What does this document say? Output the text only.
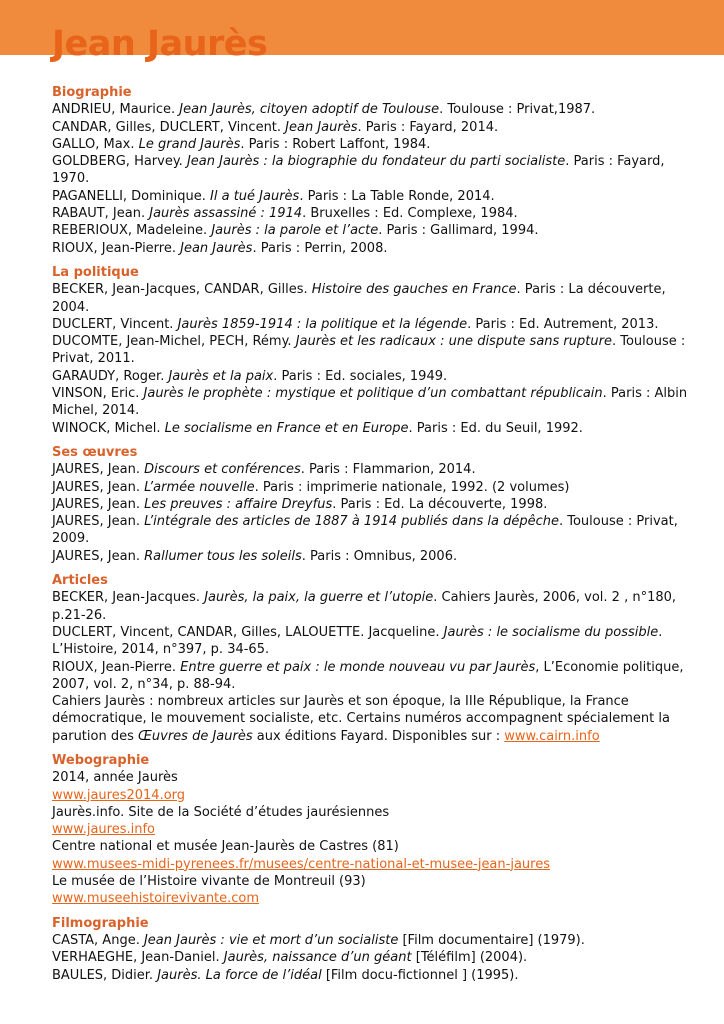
Jean Jaurès
Biographie

ANDRIEU, Maurice. Jean Jaurès, citoyen adoptif de Toulouse. Toulouse : Privat,1987.

CANDAR, Gilles, DUCLERT, Vincent. Jean Jaurès. Paris : Fayard, 2014.

GALLO, Max. Le grand Jaurès. Paris : Robert Laffont, 1984.

GOLDBERG, Harvey. Jean Jaurès : la biographie du fondateur du parti socialiste. Paris : Fayard, 1970.

PAGANELLI, Dominique. Il a tué Jaurès. Paris : La Table Ronde, 2014.

RABAUT, Jean. Jaurès assassiné : 1914. Bruxelles : Ed. Complexe, 1984.

REBERIOUX, Madeleine. Jaurès : la parole et l’acte. Paris : Gallimard, 1994.

RIOUX, Jean-Pierre. Jean Jaurès. Paris : Perrin, 2008.

La politique

BECKER, Jean-Jacques, CANDAR, Gilles. Histoire des gauches en France. Paris : La découverte, 2004.

DUCLERT, Vincent. Jaurès 1859-1914 : la politique et la légende. Paris : Ed. Autrement, 2013.

DUCOMTE, Jean-Michel, PECH, Rémy. Jaurès et les radicaux : une dispute sans rupture. Toulouse : Privat, 2011.

GARAUDY, Roger. Jaurès et la paix. Paris : Ed. sociales, 1949.

VINSON, Eric. Jaurès le prophète : mystique et politique d’un combattant républicain. Paris : Albin Michel, 2014.

WINOCK, Michel. Le socialisme en France et en Europe. Paris : Ed. du Seuil, 1992.

Ses œuvres

JAURES, Jean. Discours et conférences. Paris : Flammarion, 2014.

JAURES, Jean. L’armée nouvelle. Paris : imprimerie nationale, 1992. (2 volumes)

JAURES, Jean. Les preuves : affaire Dreyfus. Paris : Ed. La découverte, 1998.

JAURES, Jean. L’intégrale des articles de 1887 à 1914 publiés dans la dépêche. Toulouse : Privat, 2009.

JAURES, Jean. Rallumer tous les soleils. Paris : Omnibus, 2006.

Articles

BECKER, Jean-Jacques. Jaurès, la paix, la guerre et l’utopie. Cahiers Jaurès, 2006, vol. 2 , n°180, p.21-26.

DUCLERT, Vincent, CANDAR, Gilles, LALOUETTE. Jacqueline. Jaurès : le socialisme du possible. L’Histoire, 2014, n°397, p. 34-65.

RIOUX, Jean-Pierre. Entre guerre et paix : le monde nouveau vu par Jaurès, L’Economie politique, 2007, vol. 2, n°34, p. 88-94.

Cahiers Jaurès : nombreux articles sur Jaurès et son époque, la IIIe République, la France démocratique, le mouvement socialiste, etc. Certains numéros accompagnent spécialement la parution des Œuvres de Jaurès aux éditions Fayard. Disponibles sur : www.cairn.info

Webographie

2014, année Jaurès

www.jaures2014.org

Jaurès.info. Site de la Société d’études jaurésiennes

www.jaures.info

Centre national et musée Jean-Jaurès de Castres (81)

www.musees-midi-pyrenees.fr/musees/centre-national-et-musee-jean-jaures

Le musée de l’Histoire vivante de Montreuil (93)

www.museehistoirevivante.com

Filmographie

CASTA, Ange. Jean Jaurès : vie et mort d’un socialiste [Film documentaire] (1979).

VERHAEGHE, Jean-Daniel. Jaurès, naissance d’un géant [Téléfilm] (2004).

BAULES, Didier. Jaurès. La force de l’idéal [Film docu-fictionnel ] (1995).
